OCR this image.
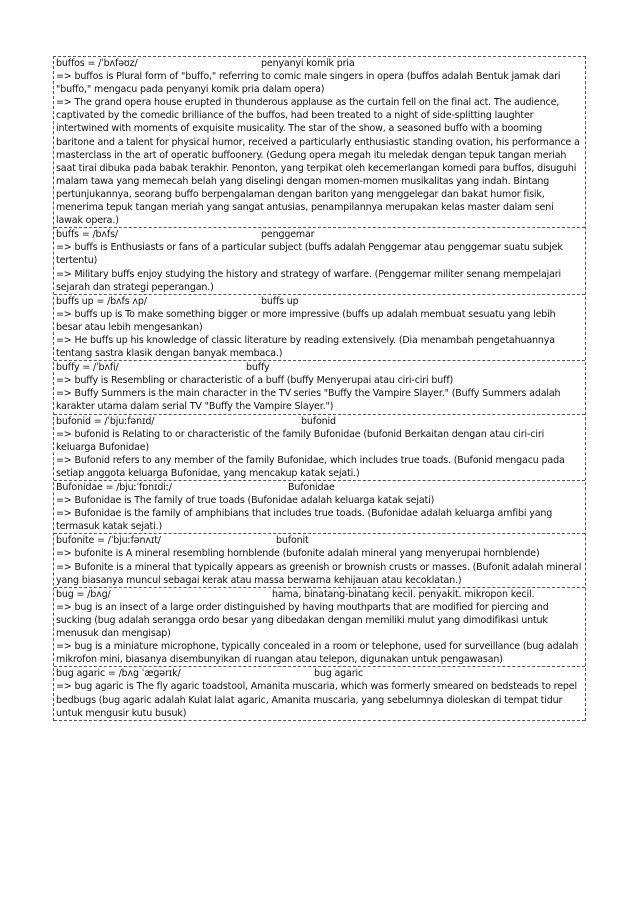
buffos = /ˈbʌfəʊz/	penyanyi komik pria

=> buffos is Plural form of "buffo," referring to comic male singers in opera (buffos adalah Bentuk jamak dari "buffo," mengacu pada penyanyi komik pria dalam opera)

=> The grand opera house erupted in thunderous applause as the curtain fell on the final act. The audience, captivated by the comedic brilliance of the buffos, had been treated to a night of side-splitting laughter intertwined with moments of exquisite musicality. The star of the show, a seasoned buffo with a booming baritone and a talent for physical humor, received a particularly enthusiastic standing ovation, his performance a masterclass in the art of operatic buffoonery. (Gedung opera megah itu meledak dengan tepuk tangan meriah saat tirai dibuka pada babak terakhir. Penonton, yang terpikat oleh kecemerlangan komedi para buffos, disuguhi malam tawa yang memecah belah yang diselingi dengan momen-momen musikalitas yang indah. Bintang pertunjukannya, seorang buffo berpengalaman dengan bariton yang menggelegar dan bakat humor fisik, menerima tepuk tangan meriah yang sangat antusias, penampilannya merupakan kelas master dalam seni lawak opera.)

buffs = /bʌfs/	penggemar

=> buffs is Enthusiasts or fans of a particular subject (buffs adalah Penggemar atau penggemar suatu subjek tertentu)

=> Military buffs enjoy studying the history and strategy of warfare. (Penggemar militer senang mempelajari sejarah dan strategi peperangan.)

buffs up = /bʌfs ʌp/	buffs up

=> buffs up is To make something bigger or more impressive (buffs up adalah membuat sesuatu yang lebih besar atau lebih mengesankan)

=> He buffs up his knowledge of classic literature by reading extensively. (Dia menambah pengetahuannya tentang sastra klasik dengan banyak membaca.)

buffy = /ˈbʌfi/	buffy

=> buffy is Resembling or characteristic of a buff (buffy Menyerupai atau ciri-ciri buff)

=> Buffy Summers is the main character in the TV series "Buffy the Vampire Slayer." (Buffy Summers adalah karakter utama dalam serial TV "Buffy the Vampire Slayer.")

bufonid = /ˈbjuːfənɪd/	bufonid

=> bufonid is Relating to or characteristic of the family Bufonidae (bufonid Berkaitan dengan atau ciri-ciri keluarga Bufonidae)

=> Bufonid refers to any member of the family Bufonidae, which includes true toads. (Bufonid mengacu pada setiap anggota keluarga Bufonidae, yang mencakup katak sejati.)

Bufonidae = /bjuːˈfɒnɪdiː/	Bufonidae

=> Bufonidae is The family of true toads (Bufonidae adalah keluarga katak sejati)

=> Bufonidae is the family of amphibians that includes true toads. (Bufonidae adalah keluarga amfibi yang termasuk katak sejati.)

bufonite = /ˈbjuːfənʌɪt/	bufonit

=> bufonite is A mineral resembling hornblende (bufonite adalah mineral yang menyerupai hornblende)

=> Bufonite is a mineral that typically appears as greenish or brownish crusts or masses. (Bufonit adalah mineral yang biasanya muncul sebagai kerak atau massa berwarna kehijauan atau kecoklatan.)

bug = /bʌg/	hama, binatang-binatang kecil. penyakit. mikropon kecil.

=> bug is an insect of a large order distinguished by having mouthparts that are modified for piercing and sucking (bug adalah serangga ordo besar yang dibedakan dengan memiliki mulut yang dimodifikasi untuk menusuk dan mengisap)

=> bug is a miniature microphone, typically concealed in a room or telephone, used for surveillance (bug adalah mikrofon mini, biasanya disembunyikan di ruangan atau telepon, digunakan untuk pengawasan)

bug agaric = /bʌg ˈæɡərɪk/	bug agaric

=> bug agaric is The fly agaric toadstool, Amanita muscaria, which was formerly smeared on bedsteads to repel bedbugs (bug agaric adalah Kulat lalat agaric, Amanita muscaria, yang sebelumnya dioleskan di tempat tidur untuk mengusir kutu busuk)
